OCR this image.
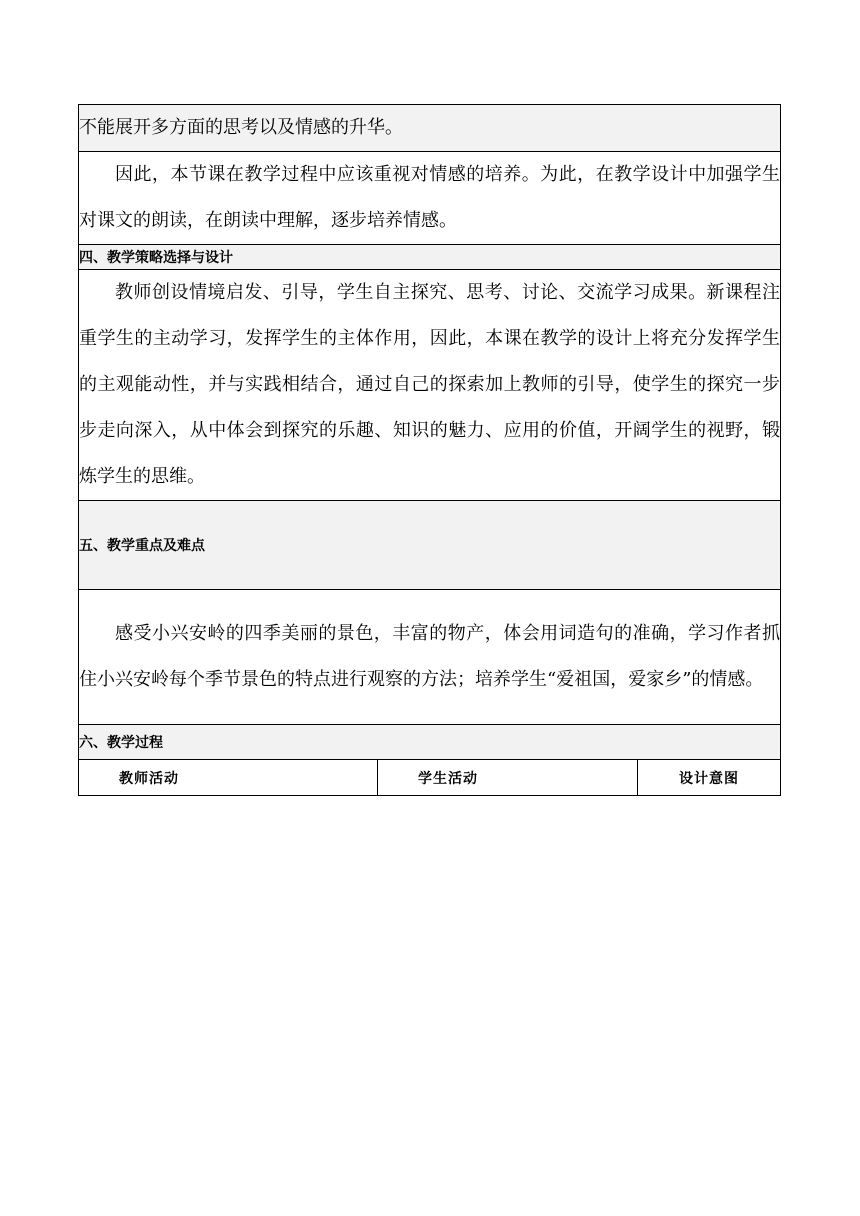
不能展开多方面的思考以及情感的升华。
因此，本节课在教学过程中应该重视对情感的培养。为此，在教学设计中加强学生对课文的朗读，在朗读中理解，逐步培养情感。
四、教学策略选择与设计
教师创设情境启发、引导，学生自主探究、思考、讨论、交流学习成果。新课程注重学生的主动学习，发挥学生的主体作用，因此，本课在教学的设计上将充分发挥学生的主观能动性，并与实践相结合，通过自己的探索加上教师的引导，使学生的探究一步步走向深入，从中体会到探究的乐趣、知识的魅力、应用的价值，开阔学生的视野，锻炼学生的思维。
五、教学重点及难点
感受小兴安岭的四季美丽的景色，丰富的物产，体会用词造句的准确，学习作者抓住小兴安岭每个季节景色的特点进行观察的方法；培养学生“爱祖国，爱家乡”的情感。
六、教学过程
教师活动	学生活动	设计意图
